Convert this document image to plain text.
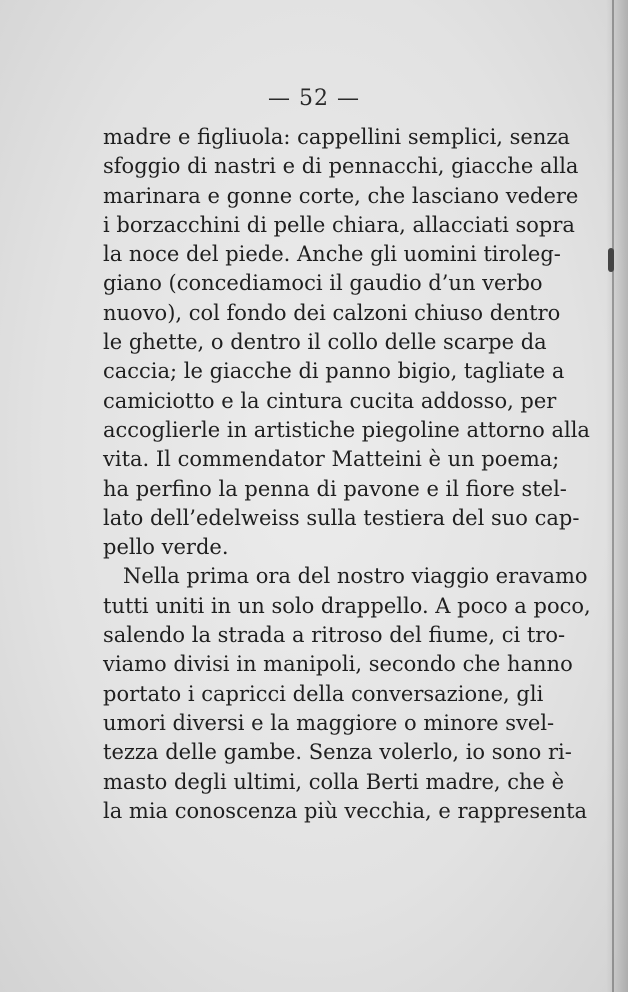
— 52 —
madre e figliuola: cappellini semplici, senza
sfoggio di nastri e di pennacchi, giacche alla
marinara e gonne corte, che lasciano vedere
i borzacchini di pelle chiara, allacciati sopra
la noce del piede. Anche gli uomini tiroleg-
giano (concediamoci il gaudio d’un verbo
nuovo), col fondo dei calzoni chiuso dentro
le ghette, o dentro il collo delle scarpe da
caccia; le giacche di panno bigio, tagliate a
camiciotto e la cintura cucita addosso, per
accoglierle in artistiche piegoline attorno alla
vita. Il commendator Matteini è un poema;
ha perfino la penna di pavone e il fiore stel-
lato dell’edelweiss sulla testiera del suo cap-
pello verde.
Nella prima ora del nostro viaggio eravamo
tutti uniti in un solo drappello. A poco a poco,
salendo la strada a ritroso del fiume, ci tro-
viamo divisi in manipoli, secondo che hanno
portato i capricci della conversazione, gli
umori diversi e la maggiore o minore svel-
tezza delle gambe. Senza volerlo, io sono ri-
masto degli ultimi, colla Berti madre, che è
la mia conoscenza più vecchia, e rappresenta
